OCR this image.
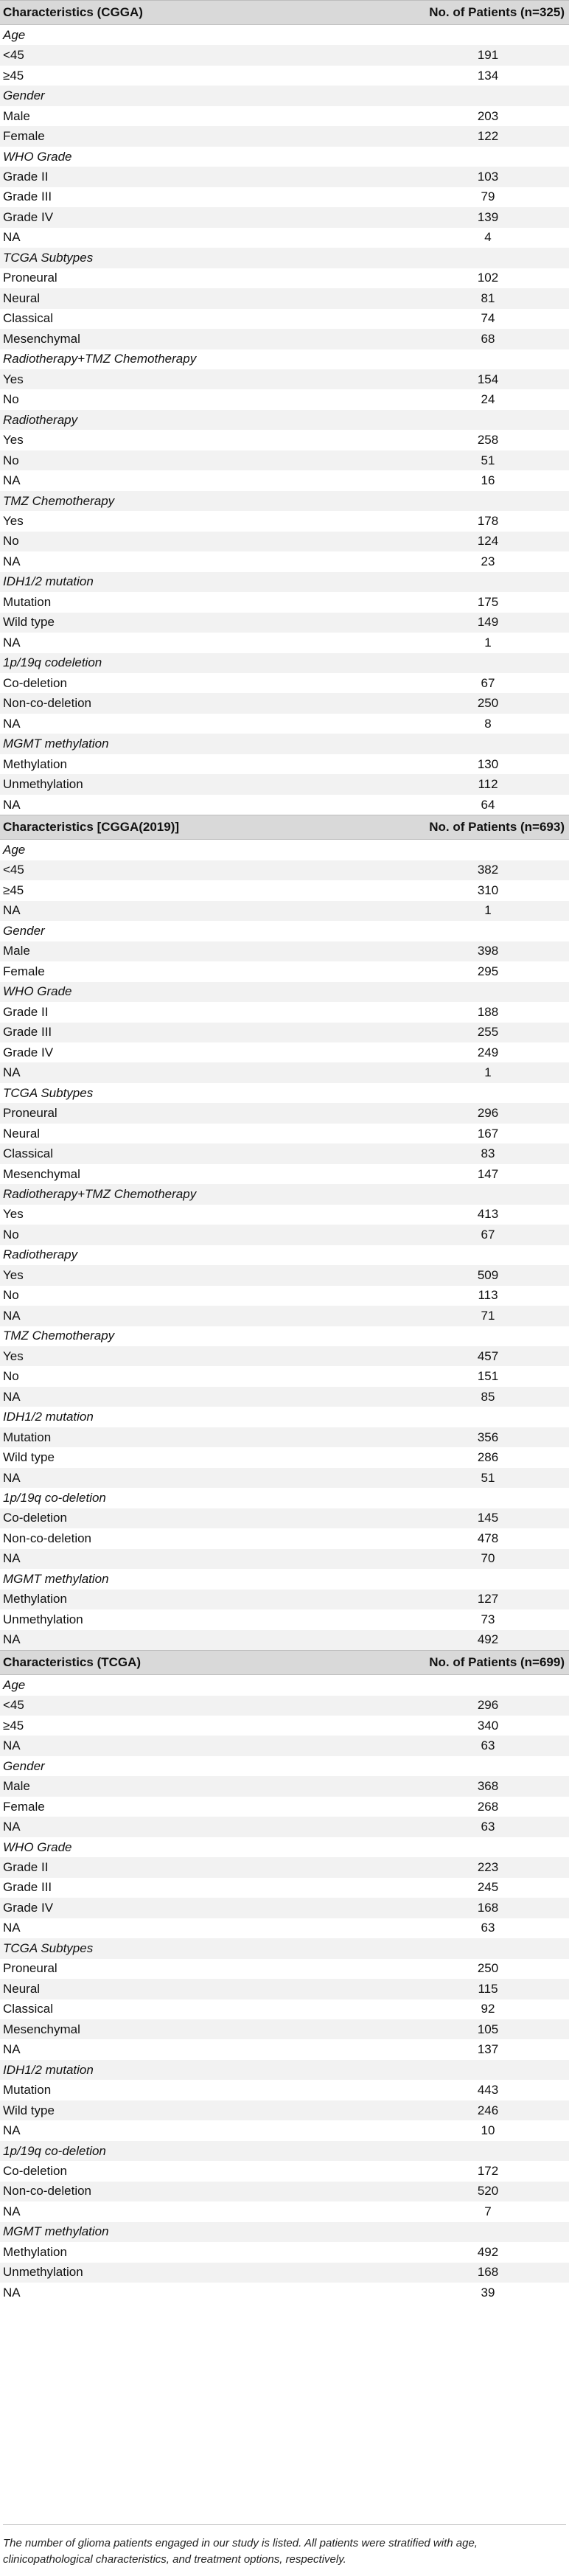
Characteristics (CGGA)	No. of Patients (n=325)
Age
<45	191
≥45	134
Gender
Male	203
Female	122
WHO Grade
Grade II	103
Grade III	79
Grade IV	139
NA	4
TCGA Subtypes
Proneural	102
Neural	81
Classical	74
Mesenchymal	68
Radiotherapy+TMZ Chemotherapy
Yes	154
No	24
Radiotherapy
Yes	258
No	51
NA	16
TMZ Chemotherapy
Yes	178
No	124
NA	23
IDH1/2 mutation
Mutation	175
Wild type	149
NA	1
1p/19q codeletion
Co-deletion	67
Non-co-deletion	250
NA	8
MGMT methylation
Methylation	130
Unmethylation	112
NA	64
Characteristics [CGGA(2019)]	No. of Patients (n=693)
Age
<45	382
≥45	310
NA	1
Gender
Male	398
Female	295
WHO Grade
Grade II	188
Grade III	255
Grade IV	249
NA	1
TCGA Subtypes
Proneural	296
Neural	167
Classical	83
Mesenchymal	147
Radiotherapy+TMZ Chemotherapy
Yes	413
No	67
Radiotherapy
Yes	509
No	113
NA	71
TMZ Chemotherapy
Yes	457
No	151
NA	85
IDH1/2 mutation
Mutation	356
Wild type	286
NA	51
1p/19q co-deletion
Co-deletion	145
Non-co-deletion	478
NA	70
MGMT methylation
Methylation	127
Unmethylation	73
NA	492
Characteristics (TCGA)	No. of Patients (n=699)
Age
<45	296
≥45	340
NA	63
Gender
Male	368
Female	268
NA	63
WHO Grade
Grade II	223
Grade III	245
Grade IV	168
NA	63
TCGA Subtypes
Proneural	250
Neural	115
Classical	92
Mesenchymal	105
NA	137
IDH1/2 mutation
Mutation	443
Wild type	246
NA	10
1p/19q co-deletion
Co-deletion	172
Non-co-deletion	520
NA	7
MGMT methylation
Methylation	492
Unmethylation	168
NA	39
The number of glioma patients engaged in our study is listed. All patients were stratified with age, clinicopathological characteristics, and treatment options, respectively.
